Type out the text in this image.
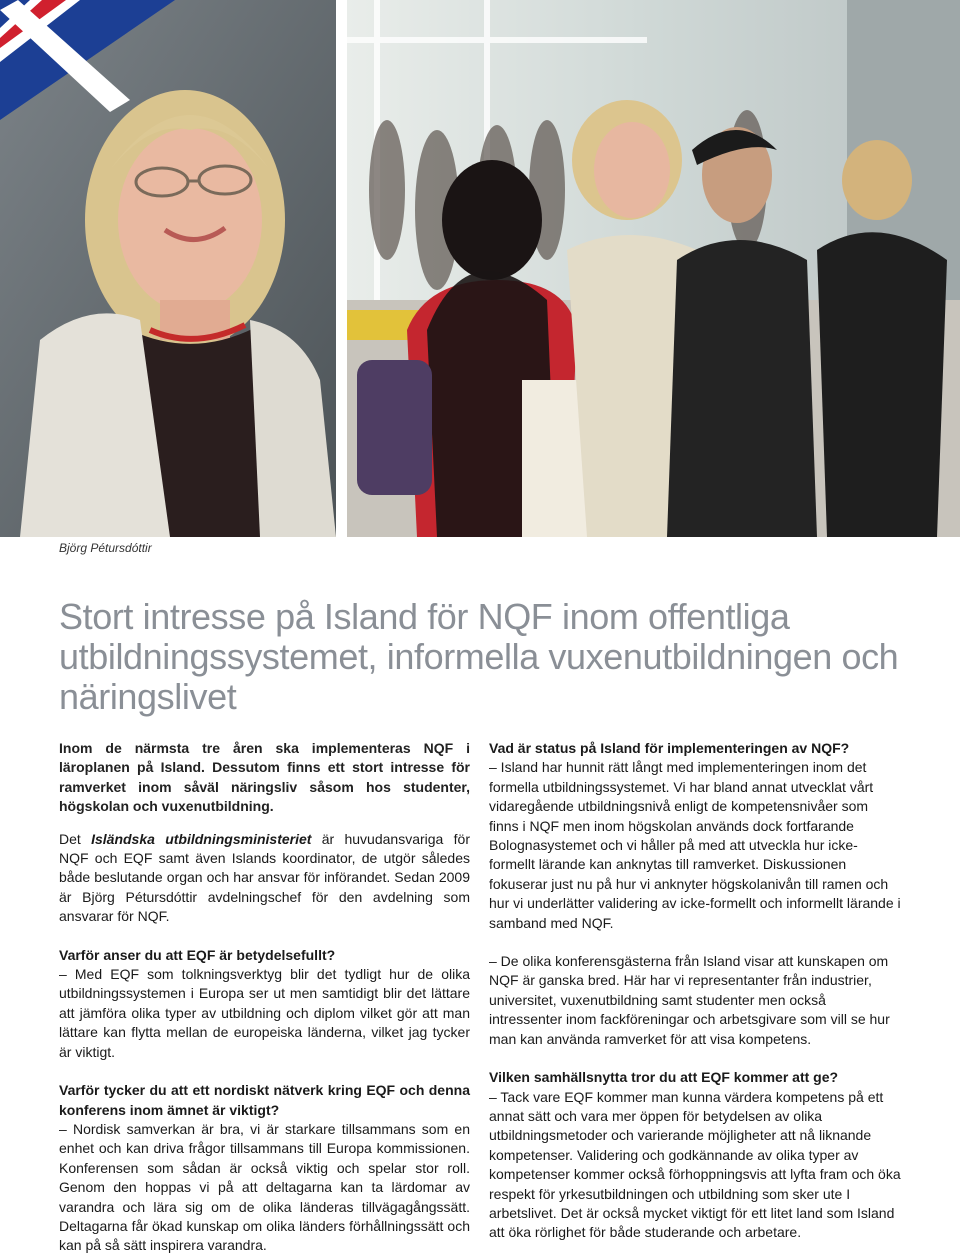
Björg Pétursdóttir
Stort intresse på Island för NQF inom offentliga utbildningssystemet, informella vuxenutbildningen och näringslivet

Inom de närmsta tre åren ska implementeras NQF i läroplanen på Island. Dessutom finns ett stort intresse för ramverket inom såväl näringsliv såsom hos studenter, högskolan och vuxenutbildning.

Det Isländska utbildningsministeriet är huvudansvariga för NQF och EQF samt även Islands koordinator, de utgör således både beslutande organ och har ansvar för införandet. Sedan 2009 är Björg Pétursdóttir avdelningschef för den avdelning som ansvarar för NQF.

Varför anser du att EQF är betydelsefullt?

– Med EQF som tolkningsverktyg blir det tydligt hur de olika utbildningssystemen i Europa ser ut men samtidigt blir det lättare att jämföra olika typer av utbildning och diplom vilket gör att man lättare kan flytta mellan de europeiska länderna, vilket jag tycker är viktigt.

Varför tycker du att ett nordiskt nätverk kring EQF och denna konferens inom ämnet är viktigt?

– Nordisk samverkan är bra, vi är starkare tillsammans som en enhet och kan driva frågor tillsammans till Europa kommissionen. Konferensen som sådan är också viktig och spelar stor roll. Genom den hoppas vi på att deltagarna kan ta lärdomar av varandra och lära sig om de olika länderas tillvägagångssätt. Deltagarna får ökad kunskap om olika länders förhållningssätt och kan på så sätt inspirera varandra.

Vad är status på Island för implementeringen av NQF?

– Island har hunnit rätt långt med implementeringen inom det formella utbildningssystemet. Vi har bland annat utvecklat vårt vidaregående utbildningsnivå enligt de kompetensnivåer som finns i NQF men inom högskolan används dock fortfarande Bolognasystemet och vi håller på med att utveckla hur icke-formellt lärande kan anknytas till ramverket. Diskussionen fokuserar just nu på hur vi anknyter högskolanivån till ramen och hur vi underlätter validering av icke-formellt och informellt lärande i samband med NQF.

– De olika konferensgästerna från Island visar att kunskapen om NQF är ganska bred. Här har vi representanter från industrier, universitet, vuxenutbildning samt studenter men också intressenter inom fackföreningar och arbetsgivare som vill se hur man kan använda ramverket för att visa kompetens.

Vilken samhällsnytta tror du att EQF kommer att ge?

– Tack vare EQF kommer man kunna värdera kompetens på ett annat sätt och vara mer öppen för betydelsen av olika utbildningsmetoder och varierande möjligheter att nå liknande kompetenser. Validering och godkännande av olika typer av kompetenser kommer också förhoppningsvis att lyfta fram och öka respekt för yrkesutbildningen och utbildning som sker ute I arbetslivet. Det är också mycket viktigt för ett litet land som Island att öka rörlighet för både studerande och arbetare.
